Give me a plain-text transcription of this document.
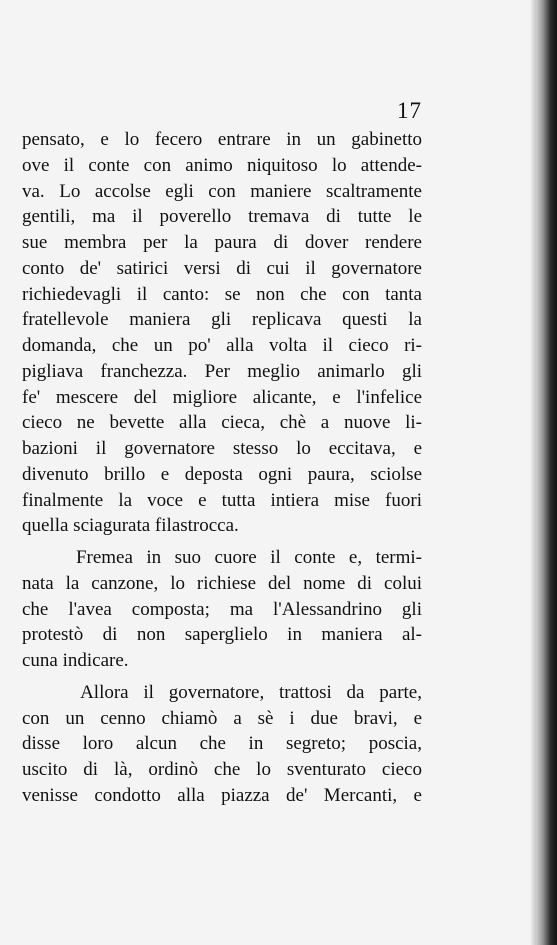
17

pensato, e lo fecero entrare in un gabinetto
ove il conte con animo niquitoso lo attende-
va. Lo accolse egli con maniere scaltramente
gentili, ma il poverello tremava di tutte le
sue membra per la paura di dover rendere
conto de' satirici versi di cui il governatore
richiedevagli il canto: se non che con tanta
fratellevole maniera gli replicava questi la
domanda, che un po' alla volta il cieco ri-
pigliava franchezza. Per meglio animarlo gli
fe' mescere del migliore alicante, e l'infelice
cieco ne bevette alla cieca, chè a nuove li-
bazioni il governatore stesso lo eccitava, e
divenuto brillo e deposta ogni paura, sciolse
finalmente la voce e tutta intiera mise fuori
quella sciagurata filastrocca.

Fremea in suo cuore il conte e, termi-
nata la canzone, lo richiese del nome di colui
che l'avea composta; ma l'Alessandrino gli
protestò di non saperglielo in maniera al-
cuna indicare.

Allora il governatore, trattosi da parte,
con un cenno chiamò a sè i due bravi, e
disse loro alcun che in segreto; poscia,
uscito di là, ordinò che lo sventurato cieco
venisse condotto alla piazza de' Mercanti, e
